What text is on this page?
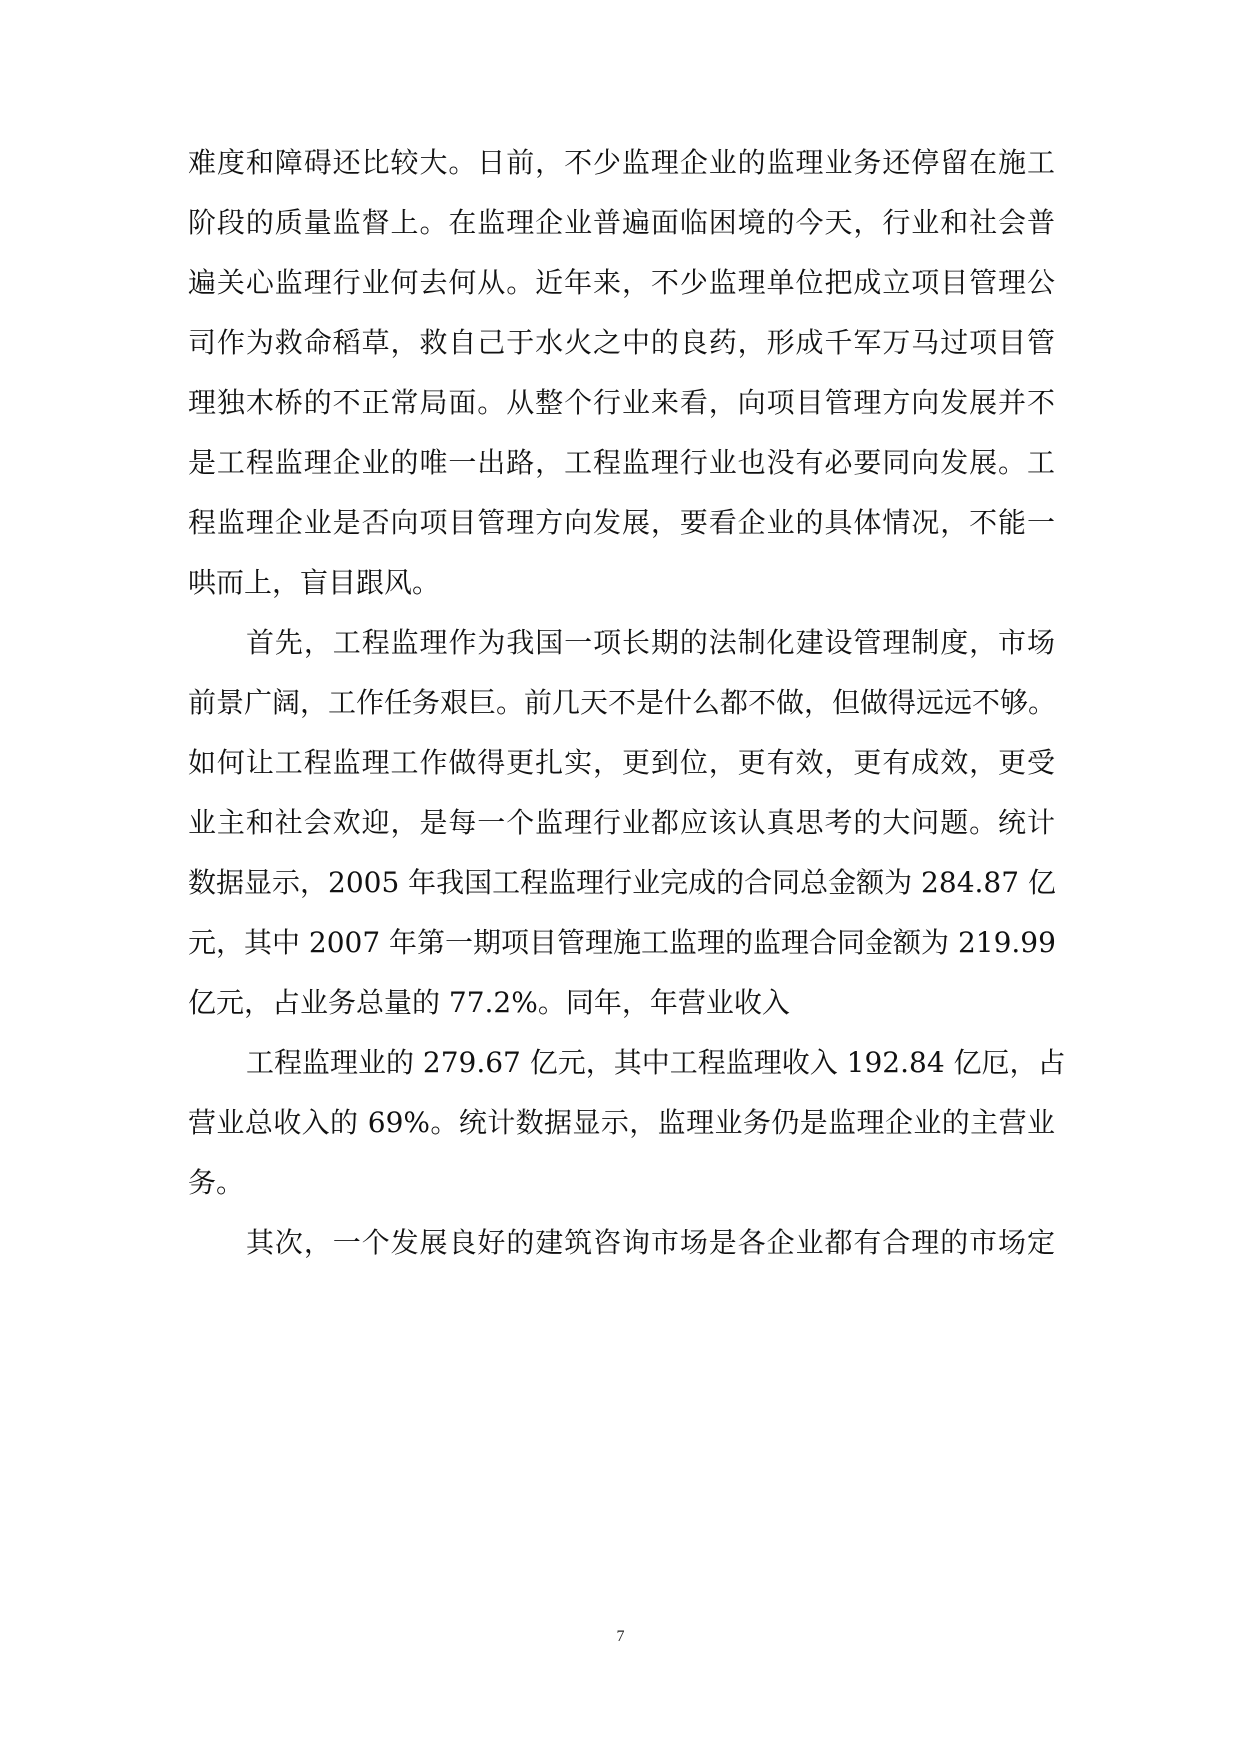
难度和障碍还比较大。日前，不少监理企业的监理业务还停留在施工
阶段的质量监督上。在监理企业普遍面临困境的今天，行业和社会普
遍关心监理行业何去何从。近年来，不少监理单位把成立项目管理公
司作为救命稻草，救自己于水火之中的良药，形成千军万马过项目管
理独木桥的不正常局面。从整个行业来看，向项目管理方向发展并不
是工程监理企业的唯一出路，工程监理行业也没有必要同向发展。工
程监理企业是否向项目管理方向发展，要看企业的具体情况，不能一
哄而上，盲目跟风。
首先，工程监理作为我国一项长期的法制化建设管理制度，市场
前景广阔，工作任务艰巨。前几天不是什么都不做，但做得远远不够。
如何让工程监理工作做得更扎实，更到位，更有效，更有成效，更受
业主和社会欢迎，是每一个监理行业都应该认真思考的大问题。统计
数据显示，2005 年我国工程监理行业完成的合同总金额为 284.87 亿
元，其中 2007 年第一期项目管理施工监理的监理合同金额为 219.99
亿元，占业务总量的 77.2%。同年，年营业收入
工程监理业的 279.67 亿元，其中工程监理收入 192.84 亿厄，占
营业总收入的 69%。统计数据显示，监理业务仍是监理企业的主营业
务。
其次，一个发展良好的建筑咨询市场是各企业都有合理的市场定
7
